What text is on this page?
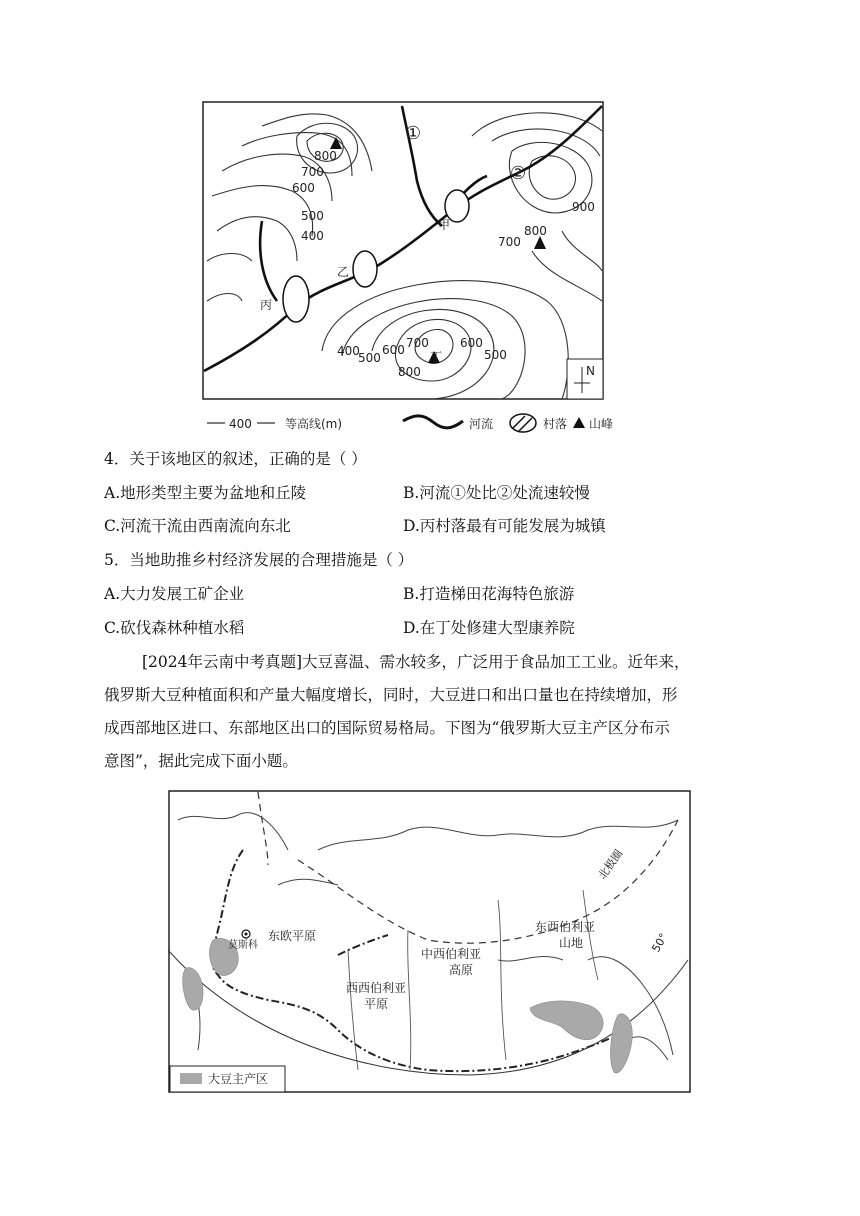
800
700
600
500
400
900
800
700
400
500
600 700
800
600
500
①
②
甲
乙
丙
丁
N
400	等高线(m)	河流	村落 山峰
4．关于该地区的叙述，正确的是（ ）
A.地形类型主要为盆地和丘陵	B.河流①处比②处流速较慢
C.河流干流由西南流向东北	D.丙村落最有可能发展为城镇
5．当地助推乡村经济发展的合理措施是（ ）
A.大力发展工矿企业	B.打造梯田花海特色旅游
C.砍伐森林种植水稻	D.在丁处修建大型康养院

[2024年云南中考真题]大豆喜温、需水较多，广泛用于食品加工工业。近年来，

俄罗斯大豆种植面积和产量大幅度增长，同时，大豆进口和出口量也在持续增加，形

成西部地区进口、东部地区出口的国际贸易格局。下图为“俄罗斯大豆主产区分布示

意图”，据此完成下面小题。

莫斯科
东欧平原
西西伯利亚
平原
中西伯利亚
高原
东西伯利亚
山地
北极圈
50°
大豆主产区
